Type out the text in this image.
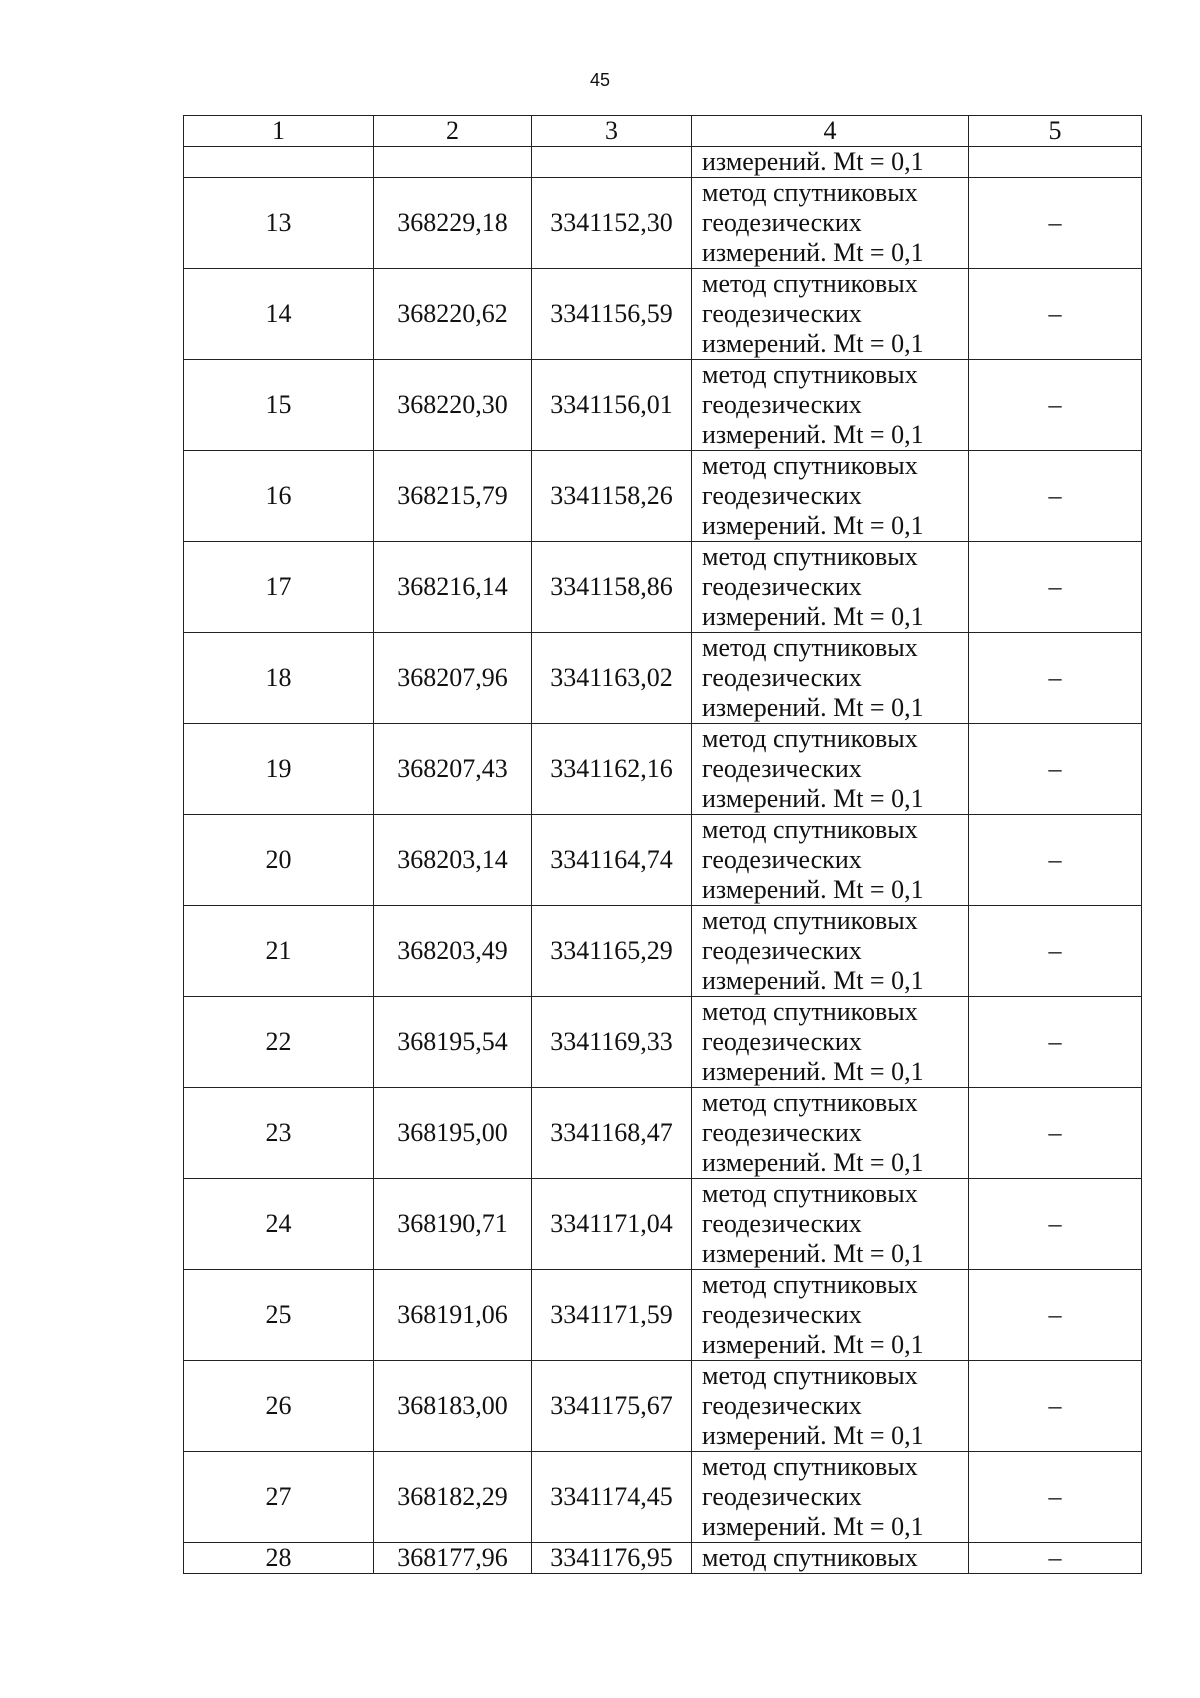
45
1	2	3	4	5
			измерений. Mt = 0,1	
13	368229,18	3341152,30	метод спутниковых
геодезических
измерений. Mt = 0,1	–
14	368220,62	3341156,59	метод спутниковых
геодезических
измерений. Mt = 0,1	–
15	368220,30	3341156,01	метод спутниковых
геодезических
измерений. Mt = 0,1	–
16	368215,79	3341158,26	метод спутниковых
геодезических
измерений. Mt = 0,1	–
17	368216,14	3341158,86	метод спутниковых
геодезических
измерений. Mt = 0,1	–
18	368207,96	3341163,02	метод спутниковых
геодезических
измерений. Mt = 0,1	–
19	368207,43	3341162,16	метод спутниковых
геодезических
измерений. Mt = 0,1	–
20	368203,14	3341164,74	метод спутниковых
геодезических
измерений. Mt = 0,1	–
21	368203,49	3341165,29	метод спутниковых
геодезических
измерений. Mt = 0,1	–
22	368195,54	3341169,33	метод спутниковых
геодезических
измерений. Mt = 0,1	–
23	368195,00	3341168,47	метод спутниковых
геодезических
измерений. Mt = 0,1	–
24	368190,71	3341171,04	метод спутниковых
геодезических
измерений. Mt = 0,1	–
25	368191,06	3341171,59	метод спутниковых
геодезических
измерений. Mt = 0,1	–
26	368183,00	3341175,67	метод спутниковых
геодезических
измерений. Mt = 0,1	–
27	368182,29	3341174,45	метод спутниковых
геодезических
измерений. Mt = 0,1	–
28	368177,96	3341176,95	метод спутниковых	–
